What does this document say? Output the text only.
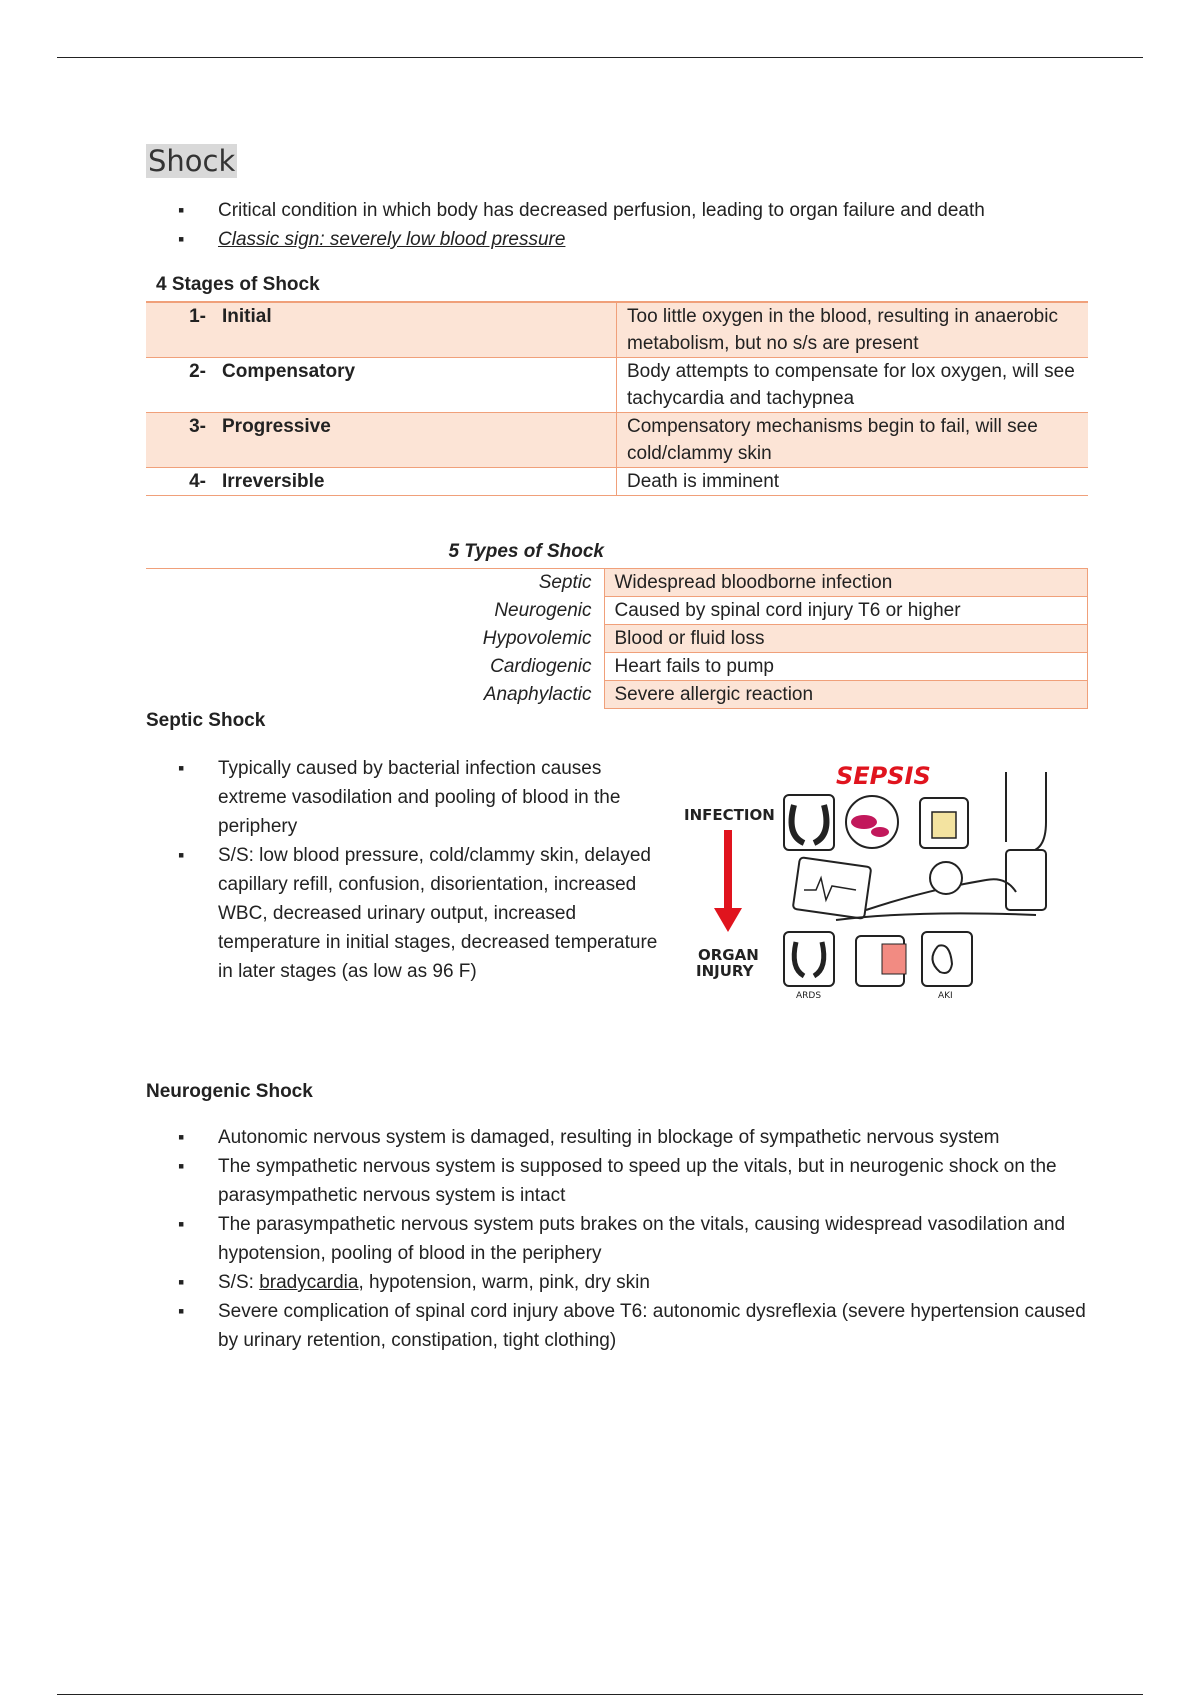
Shock
▪ Critical condition in which body has decreased perfusion, leading to organ failure and death
▪ Classic sign: severely low blood pressure
4 Stages of Shock
1-	Initial	Too little oxygen in the blood, resulting in anaerobic metabolism, but no s/s are present
2-	Compensatory	Body attempts to compensate for lox oxygen, will see tachycardia and tachypnea
3-	Progressive	Compensatory mechanisms begin to fail, will see cold/clammy skin
4-	Irreversible	Death is imminent
5 Types of Shock
Septic	Widespread bloodborne infection
Neurogenic	Caused by spinal cord injury T6 or higher
Hypovolemic	Blood or fluid loss
Cardiogenic	Heart fails to pump
Anaphylactic	Severe allergic reaction
Septic Shock
▪ Typically caused by bacterial infection causes extreme vasodilation and pooling of blood in the periphery
▪ S/S: low blood pressure, cold/clammy skin, delayed capillary refill, confusion, disorientation, increased WBC, decreased urinary output, increased temperature in initial stages, decreased temperature in later stages (as low as 96 F)
SEPSIS
INFECTION
ORGAN
INJURY
ARDS	AKI
Neurogenic Shock
▪ Autonomic nervous system is damaged, resulting in blockage of sympathetic nervous system
▪ The sympathetic nervous system is supposed to speed up the vitals, but in neurogenic shock on the parasympathetic nervous system is intact
▪ The parasympathetic nervous system puts brakes on the vitals, causing widespread vasodilation and hypotension, pooling of blood in the periphery
▪ S/S: bradycardia, hypotension, warm, pink, dry skin
▪ Severe complication of spinal cord injury above T6: autonomic dysreflexia (severe hypertension caused by urinary retention, constipation, tight clothing)
